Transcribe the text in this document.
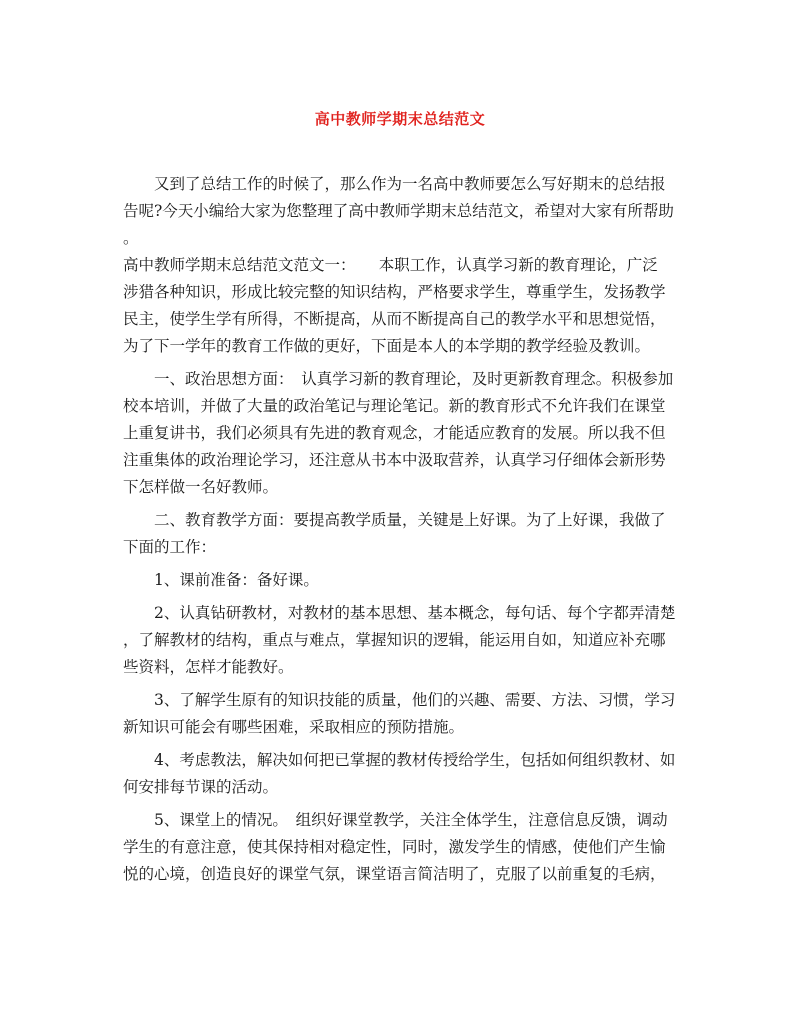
高中教师学期末总结范文
又到了总结工作的时候了，那么作为一名高中教师要怎么写好期末的总结报
告呢?今天小编给大家为您整理了高中教师学期末总结范文，希望对大家有所帮助
。
高中教师学期末总结范文范文一：　　本职工作，认真学习新的教育理论，广泛
涉猎各种知识，形成比较完整的知识结构，严格要求学生，尊重学生，发扬教学
民主，使学生学有所得，不断提高，从而不断提高自己的教学水平和思想觉悟，
为了下一学年的教育工作做的更好，下面是本人的本学期的教学经验及教训。
一、政治思想方面：　认真学习新的教育理论，及时更新教育理念。积极参加
校本培训，并做了大量的政治笔记与理论笔记。新的教育形式不允许我们在课堂
上重复讲书，我们必须具有先进的教育观念，才能适应教育的发展。所以我不但
注重集体的政治理论学习，还注意从书本中汲取营养，认真学习仔细体会新形势
下怎样做一名好教师。
二、教育教学方面：要提高教学质量，关键是上好课。为了上好课，我做了
下面的工作：
1、课前准备：备好课。
2、认真钻研教材，对教材的基本思想、基本概念，每句话、每个字都弄清楚
，了解教材的结构，重点与难点，掌握知识的逻辑，能运用自如，知道应补充哪
些资料，怎样才能教好。
3、了解学生原有的知识技能的质量，他们的兴趣、需要、方法、习惯，学习
新知识可能会有哪些困难，采取相应的预防措施。
4、考虑教法，解决如何把已掌握的教材传授给学生，包括如何组织教材、如
何安排每节课的活动。
5、课堂上的情况。　组织好课堂教学，关注全体学生，注意信息反馈，调动
学生的有意注意，使其保持相对稳定性，同时，激发学生的情感，使他们产生愉
悦的心境，创造良好的课堂气氛，课堂语言简洁明了，克服了以前重复的毛病，
